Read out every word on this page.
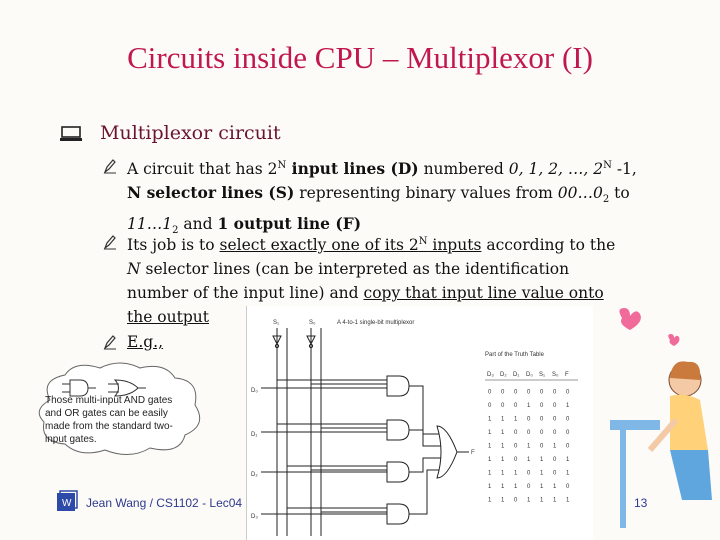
Circuits inside CPU – Multiplexor (I)
Multiplexor circuit
A circuit that has $2^N$ input lines (D) numbered 0, 1, 2, …, $2^N$ -1,
N selector lines (S) representing binary values from $00\dots 0_2$ to
$11\dots 1_2$ and 1 output line (F)
Its job is to select exactly one of its $2^N$ inputs according to the
N selector lines (can be interpreted as the identification
number of the input line) and copy that input line value onto
the output
E.g.,
Those multi-input AND gates and OR gates can be easily made from the standard two-input gates.
S₁	S₀	A 4-to-1 single-bit multiplexor
D₀
D₁
D₂
D₃
F
Part of the Truth Table
D₃ D₂ D₁ D₀ S₁ S₀ F
0 0 0 0 0 0 0
0 0 0 1 0 0 1
1 1 1 0 0 0 0
1 1 0 0 0 0 0
1 1 0 1 0 1 0
1 1 0 1 1 0 1
1 1 1 0 1 0 1
1 1 1 0 1 1 0
1 1 0 1 1 1 1
W Jean Wang / CS1102 - Lec04	13
